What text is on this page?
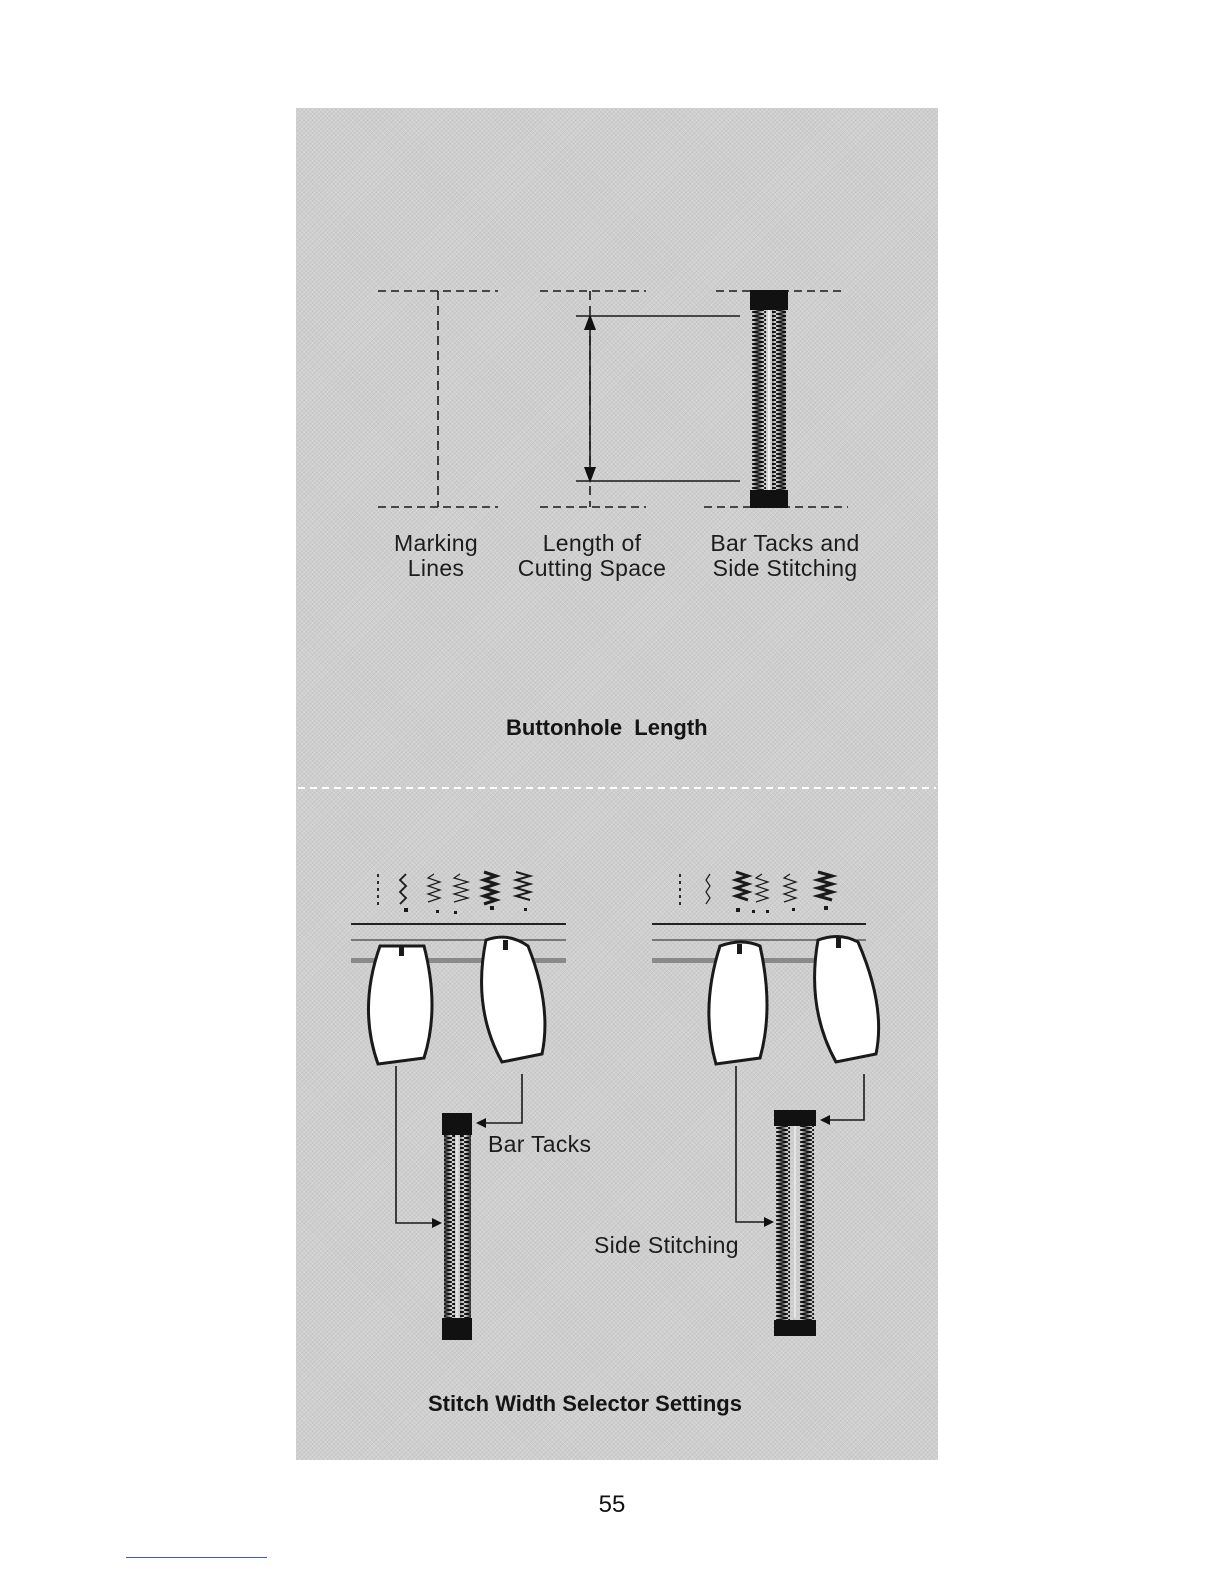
Marking
Lines
Length of
Cutting Space
Bar Tacks and
Side Stitching
Buttonhole  Length
Bar Tacks
Side Stitching
Stitch Width Selector Settings
55
